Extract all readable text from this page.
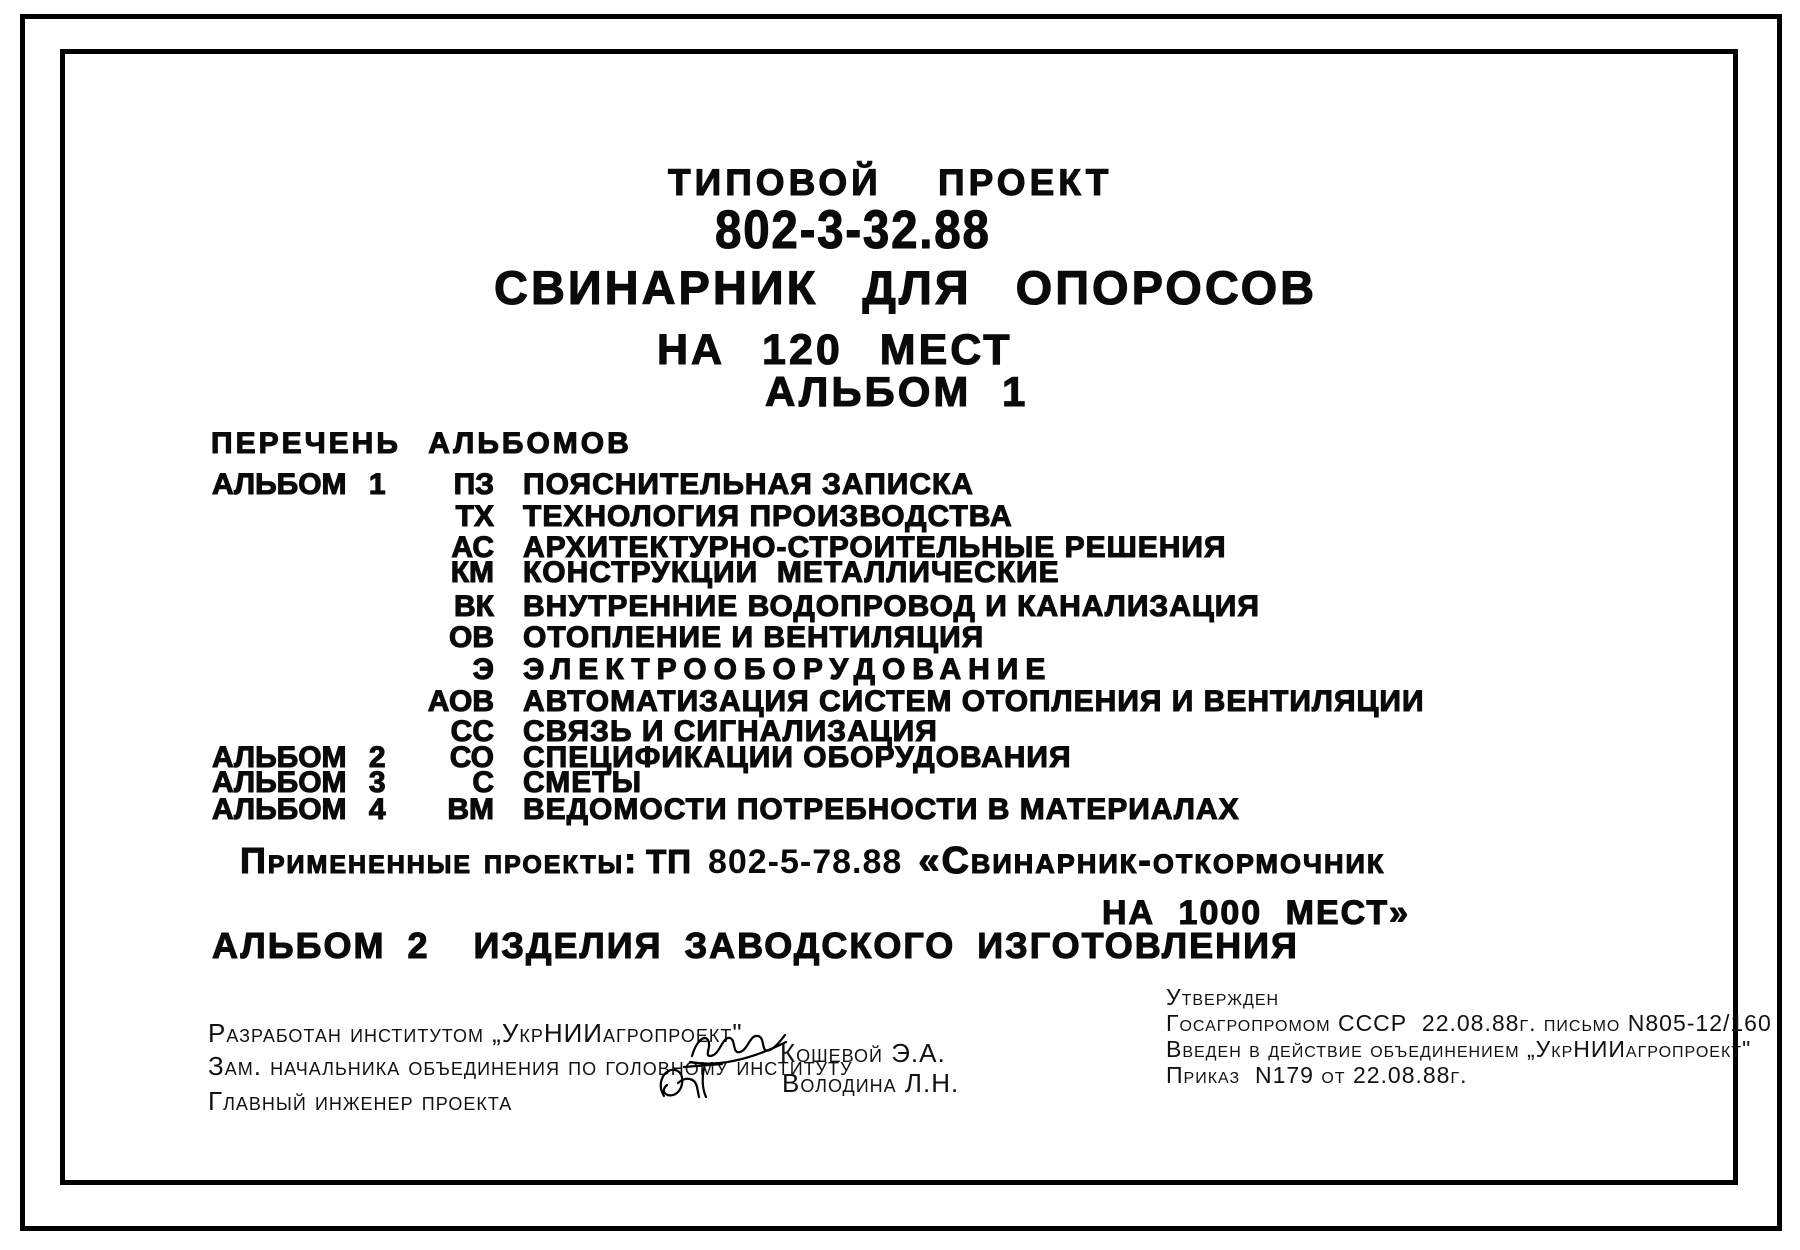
ТИПОВОЙ ПРОЕКТ
802-3-32.88
СВИНАРНИК ДЛЯ ОПОРОСОВ
НА 120 МЕСТ
АЛЬБОМ 1
ПЕРЕЧЕНЬ АЛЬБОМОВ

АЛЬБОМ 1	ПЗ ПОЯСНИТЕЛЬНАЯ ЗАПИСКА

ТХ ТЕХНОЛОГИЯ ПРОИЗВОДСТВА

АС АРХИТЕКТУРНО-СТРОИТЕЛЬНЫЕ РЕШЕНИЯ

КМ КОНСТРУКЦИИ  МЕТАЛЛИЧЕСКИЕ

ВК ВНУТРЕННИЕ ВОДОПРОВОД И КАНАЛИЗАЦИЯ

ОВ ОТОПЛЕНИЕ И ВЕНТИЛЯЦИЯ

Э ЭЛЕКТРООБОРУДОВАНИЕ

АОВ АВТОМАТИЗАЦИЯ СИСТЕМ ОТОПЛЕНИЯ И ВЕНТИЛЯЦИИ

СС СВЯЗЬ И СИГНАЛИЗАЦИЯ

АЛЬБОМ 2	СО СПЕЦИФИКАЦИИ ОБОРУДОВАНИЯ

АЛЬБОМ 3	С СМЕТЫ

АЛЬБОМ 4	ВМ ВЕДОМОСТИ ПОТРЕБНОСТИ В МАТЕРИАЛАХ

Примененные проекты: ТП 802-5-78.88 «Свинарник-откормочник
НА 1000 МЕСТ»
АЛЬБОМ 2  ИЗДЕЛИЯ ЗАВОДСКОГО ИЗГОТОВЛЕНИЯ
Разработан институтом „УкрНИИагропроект"
Зам. начальника объединения по головному институту
Кошевой Э.А.
Главный инженер проекта
Володина Л.Н.
Утвержден
Госагропромом СССР  22.08.88г. письмо N805-12/160
Введен в действие объединением „УкрНИИагропроект"
Приказ  N179 от 22.08.88г.
